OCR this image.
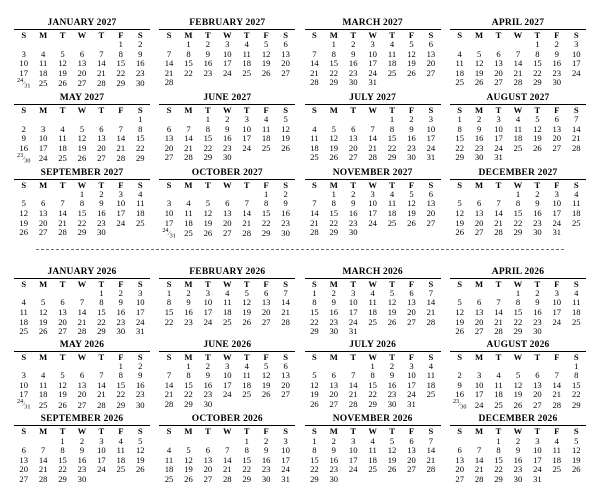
JANUARY 2027
S	M	T	W	T	F	S
					1	2
3	4	5	6	7	8	9
10	11	12	13	14	15	16
17	18	19	20	21	22	23
$^{24}⁄_{31}$	25	26	27	28	29	30
FEBRUARY 2027
S	M	T	W	T	F	S
	1	2	3	4	5	6
7	8	9	10	11	12	13
14	15	16	17	18	19	20
21	22	23	24	25	26	27
28						
MARCH 2027
S	M	T	W	T	F	S
	1	2	3	4	5	6
7	8	9	10	11	12	13
14	15	16	17	18	19	20
21	22	23	24	25	26	27
28	29	30	31			
APRIL 2027
S	M	T	W	T	F	S
				1	2	3
4	5	6	7	8	9	10
11	12	13	14	15	16	17
18	19	20	21	22	23	24
25	26	27	28	29	30	
MAY 2027
S	M	T	W	T	F	S
						1
2	3	4	5	6	7	8
9	10	11	12	13	14	15
16	17	18	19	20	21	22
$^{23}⁄_{30}$	24	25	26	27	28	29
JUNE 2027
S	M	T	W	T	F	S
		1	2	3	4	5
6	7	8	9	10	11	12
13	14	15	16	17	18	19
20	21	22	23	24	25	26
27	28	29	30			
JULY 2027
S	M	T	W	T	F	S
				1	2	3
4	5	6	7	8	9	10
11	12	13	14	15	16	17
18	19	20	21	22	23	24
25	26	27	28	29	30	31
AUGUST 2027
S	M	T	W	T	F	S
1	2	3	4	5	6	7
8	9	10	11	12	13	14
15	16	17	18	19	20	21
22	23	24	25	26	27	28
29	30	31				
SEPTEMBER 2027
S	M	T	W	T	F	S
			1	2	3	4
5	6	7	8	9	10	11
12	13	14	15	16	17	18
19	20	21	22	23	24	25
26	27	28	29	30		
OCTOBER 2027
S	M	T	W	T	F	S
					1	2
3	4	5	6	7	8	9
10	11	12	13	14	15	16
17	18	19	20	21	22	23
$^{24}⁄_{31}$	25	26	27	28	29	30
NOVEMBER 2027
S	M	T	W	T	F	S
	1	2	3	4	5	6
7	8	9	10	11	12	13
14	15	16	17	18	19	20
21	22	23	24	25	26	27
28	29	30				
DECEMBER 2027
S	M	T	W	T	F	S
			1	2	3	4
5	6	7	8	9	10	11
12	13	14	15	16	17	18
19	20	21	22	23	24	25
26	27	28	29	30	31	
JANUARY 2026
S	M	T	W	T	F	S
				1	2	3
4	5	6	7	8	9	10
11	12	13	14	15	16	17
18	19	20	21	22	23	24
25	26	27	28	29	30	31
FEBRUARY 2026
S	M	T	W	T	F	S
1	2	3	4	5	6	7
8	9	10	11	12	13	14
15	16	17	18	19	20	21
22	23	24	25	26	27	28
MARCH 2026
S	M	T	W	T	F	S
1	2	3	4	5	6	7
8	9	10	11	12	13	14
15	16	17	18	19	20	21
22	23	24	25	26	27	28
29	30	31				
APRIL 2026
S	M	T	W	T	F	S
			1	2	3	4
5	6	7	8	9	10	11
12	13	14	15	16	17	18
19	20	21	22	23	24	25
26	27	28	29	30		
MAY 2026
S	M	T	W	T	F	S
					1	2
3	4	5	6	7	8	9
10	11	12	13	14	15	16
17	18	19	20	21	22	23
$^{24}⁄_{31}$	25	26	27	28	29	30
JUNE 2026
S	M	T	W	T	F	S
	1	2	3	4	5	6
7	8	9	10	11	12	13
14	15	16	17	18	19	20
21	22	23	24	25	26	27
28	29	30				
JULY 2026
S	M	T	W	T	F	S
			1	2	3	4
5	6	7	8	9	10	11
12	13	14	15	16	17	18
19	20	21	22	23	24	25
26	27	28	29	30	31	
AUGUST 2026
S	M	T	W	T	F	S
						1
2	3	4	5	6	7	8
9	10	11	12	13	14	15
16	17	18	19	20	21	22
$^{23}⁄_{30}$	24	25	26	27	28	29
SEPTEMBER 2026
S	M	T	W	T	F	S
		1	2	3	4	5
6	7	8	9	10	11	12
13	14	15	16	17	18	19
20	21	22	23	24	25	26
27	28	29	30			
OCTOBER 2026
S	M	T	W	T	F	S
				1	2	3
4	5	6	7	8	9	10
11	12	13	14	15	16	17
18	19	20	21	22	23	24
25	26	27	28	29	30	31
NOVEMBER 2026
S	M	T	W	T	F	S
1	2	3	4	5	6	7
8	9	10	11	12	13	14
15	16	17	18	19	20	21
22	23	24	25	26	27	28
29	30					
DECEMBER 2026
S	M	T	W	T	F	S
		1	2	3	4	5
6	7	8	9	10	11	12
13	14	15	16	17	18	19
20	21	22	23	24	25	26
27	28	29	30	31		
